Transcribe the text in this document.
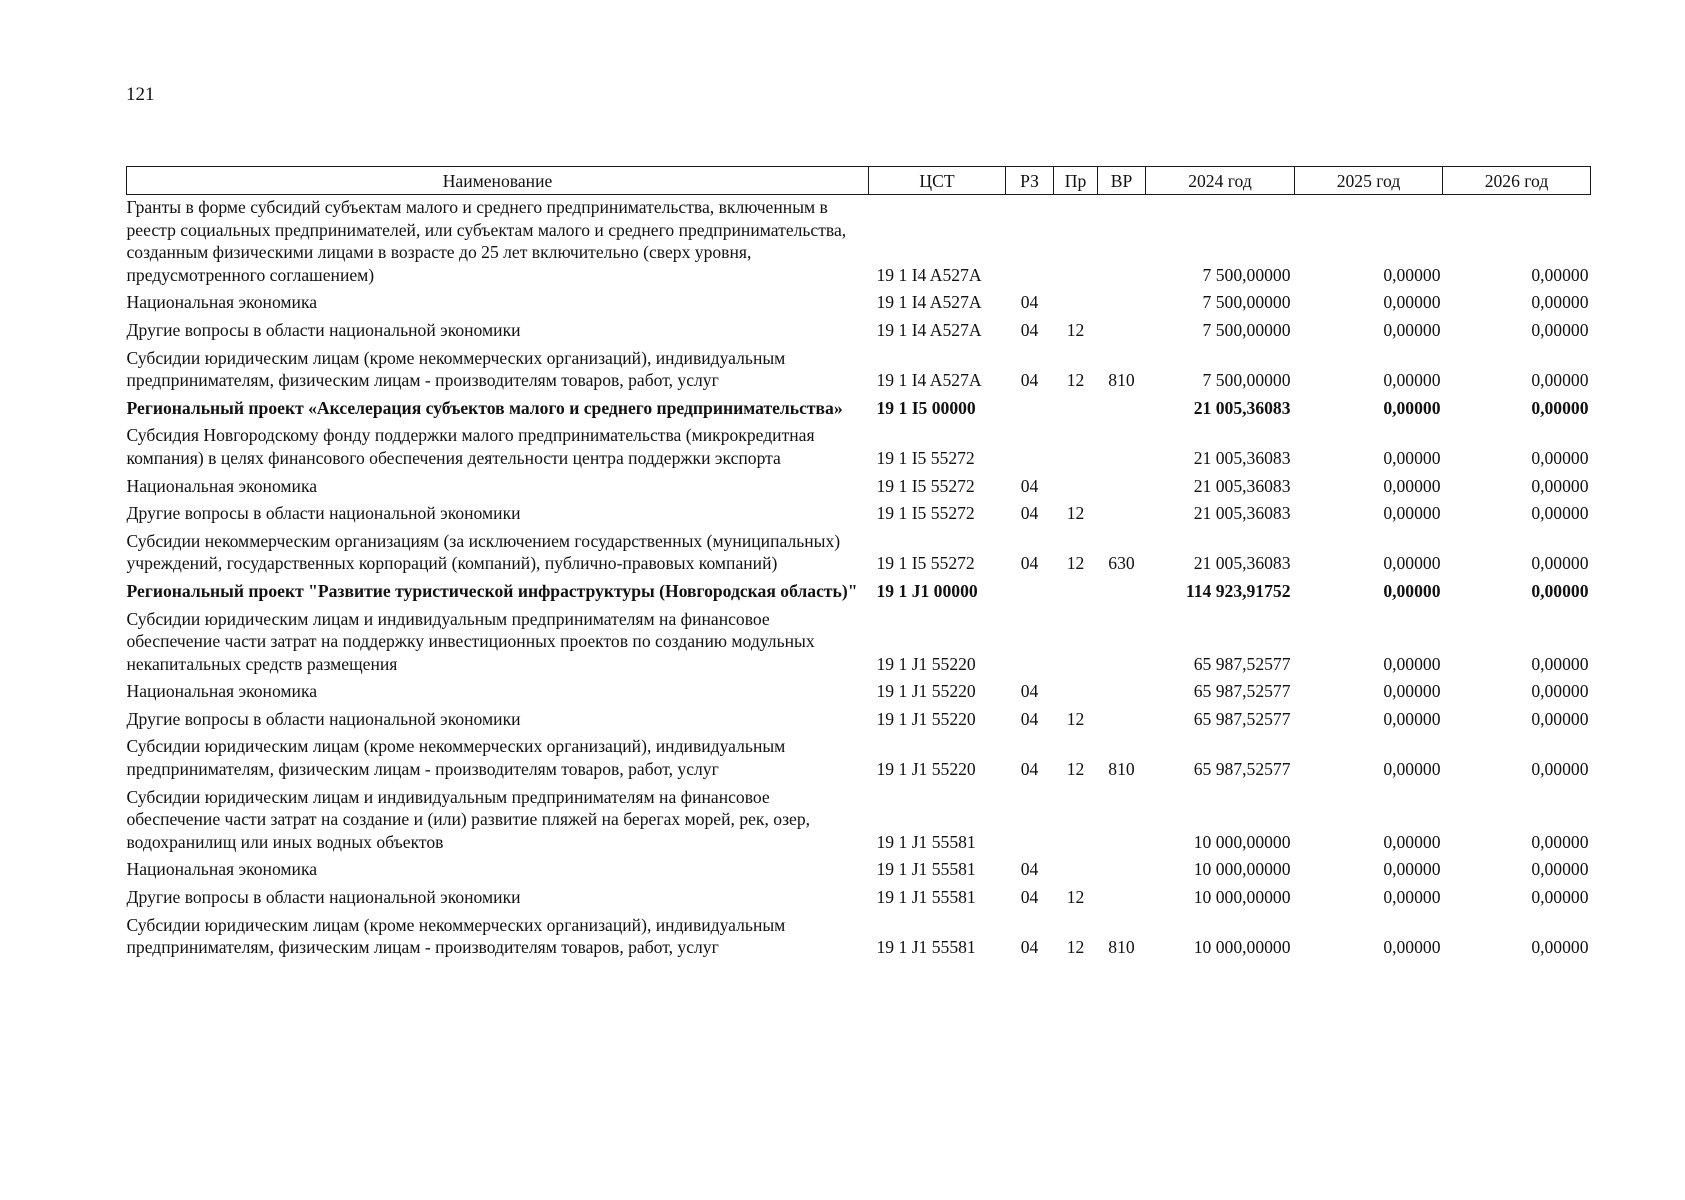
121
Наименование	ЦСТ	РЗ	Пр	ВР	2024 год	2025 год	2026 год
Гранты в форме субсидий субъектам малого и среднего предпринимательства, включенным в реестр социальных предпринимателей, или субъектам малого и среднего предпринимательства, созданным физическими лицами в возрасте до 25 лет включительно (сверх уровня, предусмотренного соглашением)	19 1 I4 A527A				7 500,00000	0,00000	0,00000
Национальная экономика	19 1 I4 A527A	04			7 500,00000	0,00000	0,00000
Другие вопросы в области национальной экономики	19 1 I4 A527A	04	12		7 500,00000	0,00000	0,00000
Субсидии юридическим лицам (кроме некоммерческих организаций), индивидуальным предпринимателям, физическим лицам - производителям товаров, работ, услуг	19 1 I4 A527A	04	12	810	7 500,00000	0,00000	0,00000
Региональный проект «Акселерация субъектов малого и среднего предпринимательства»	19 1 I5 00000				21 005,36083	0,00000	0,00000
Субсидия Новгородскому фонду поддержки малого предпринимательства (микрокредитная компания) в целях финансового обеспечения деятельности центра поддержки экспорта	19 1 I5 55272				21 005,36083	0,00000	0,00000
Национальная экономика	19 1 I5 55272	04			21 005,36083	0,00000	0,00000
Другие вопросы в области национальной экономики	19 1 I5 55272	04	12		21 005,36083	0,00000	0,00000
Субсидии некоммерческим организациям (за исключением государственных (муниципальных) учреждений, государственных корпораций (компаний), публично-правовых компаний)	19 1 I5 55272	04	12	630	21 005,36083	0,00000	0,00000
Региональный проект "Развитие туристической инфраструктуры (Новгородская область)"	19 1 J1 00000				114 923,91752	0,00000	0,00000
Субсидии юридическим лицам и индивидуальным предпринимателям на финансовое обеспечение части затрат на поддержку инвестиционных проектов по созданию модульных некапитальных средств размещения	19 1 J1 55220				65 987,52577	0,00000	0,00000
Национальная экономика	19 1 J1 55220	04			65 987,52577	0,00000	0,00000
Другие вопросы в области национальной экономики	19 1 J1 55220	04	12		65 987,52577	0,00000	0,00000
Субсидии юридическим лицам (кроме некоммерческих организаций), индивидуальным предпринимателям, физическим лицам - производителям товаров, работ, услуг	19 1 J1 55220	04	12	810	65 987,52577	0,00000	0,00000
Субсидии юридическим лицам и индивидуальным предпринимателям на финансовое обеспечение части затрат на создание и (или) развитие пляжей на берегах морей, рек, озер, водохранилищ или иных водных объектов	19 1 J1 55581				10 000,00000	0,00000	0,00000
Национальная экономика	19 1 J1 55581	04			10 000,00000	0,00000	0,00000
Другие вопросы в области национальной экономики	19 1 J1 55581	04	12		10 000,00000	0,00000	0,00000
Субсидии юридическим лицам (кроме некоммерческих организаций), индивидуальным предпринимателям, физическим лицам - производителям товаров, работ, услуг	19 1 J1 55581	04	12	810	10 000,00000	0,00000	0,00000
